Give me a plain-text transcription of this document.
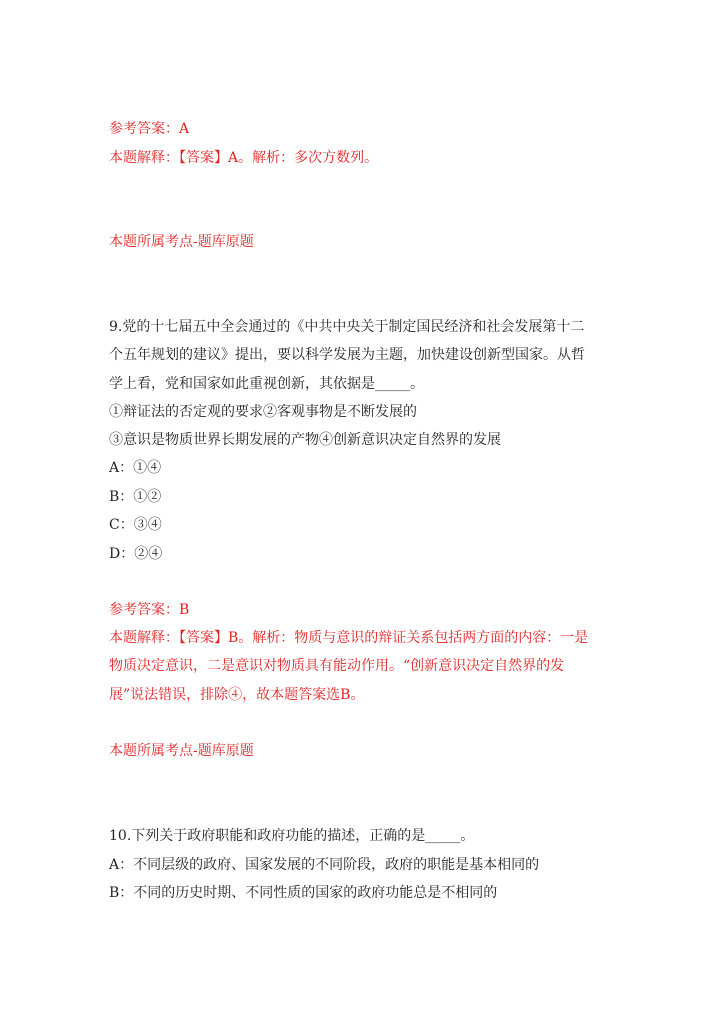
参考答案：A
本题解释：【答案】A。解析：多次方数列。
本题所属考点-题库原题
9.党的十七届五中全会通过的《中共中央关于制定国民经济和社会发展第十二
个五年规划的建议》提出，要以科学发展为主题，加快建设创新型国家。从哲
学上看，党和国家如此重视创新，其依据是_____。
①辩证法的否定观的要求②客观事物是不断发展的
③意识是物质世界长期发展的产物④创新意识决定自然界的发展
A：①④
B：①②
C：③④
D：②④
参考答案：B
本题解释：【答案】B。解析：物质与意识的辩证关系包括两方面的内容：一是
物质决定意识，二是意识对物质具有能动作用。“创新意识决定自然界的发
展”说法错误，排除④，故本题答案选B。
本题所属考点-题库原题
10.下列关于政府职能和政府功能的描述，正确的是_____。
A：不同层级的政府、国家发展的不同阶段，政府的职能是基本相同的
B：不同的历史时期、不同性质的国家的政府功能总是不相同的
